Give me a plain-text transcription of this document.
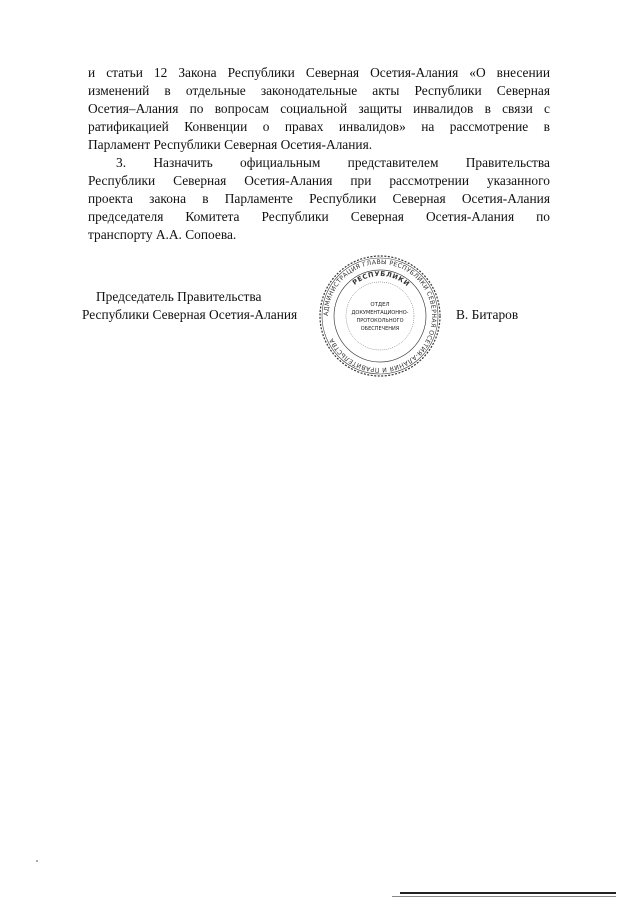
и статьи 12 Закона Республики Северная Осетия-Алания «О внесении
изменений в отдельные законодательные акты Республики Северная
Осетия–Алания по вопросам социальной защиты инвалидов в связи с
ратификацией Конвенции о правах инвалидов» на рассмотрение в
Парламент Республики Северная Осетия-Алания.
3. Назначить официальным представителем Правительства
Республики Северная Осетия-Алания при рассмотрении указанного
проекта закона в Парламенте Республики Северная Осетия-Алания
председателя Комитета Республики Северная Осетия-Алания по
транспорту А.А. Сопоева.
Председатель Правительства
Республики Северная Осетия-Алания	В. Битаров
АДМИНИСТРАЦИЯ ГЛАВЫ РЕСПУБЛИКИ СЕВЕРНАЯ ОСЕТИЯ-АЛАНИЯ И ПРАВИТЕЛЬСТВА
РЕСПУБЛИКИ
ОТДЕЛ
ДОКУМЕНТАЦИОННО-
ПРОТОКОЛЬНОГО
ОБЕСПЕЧЕНИЯ
